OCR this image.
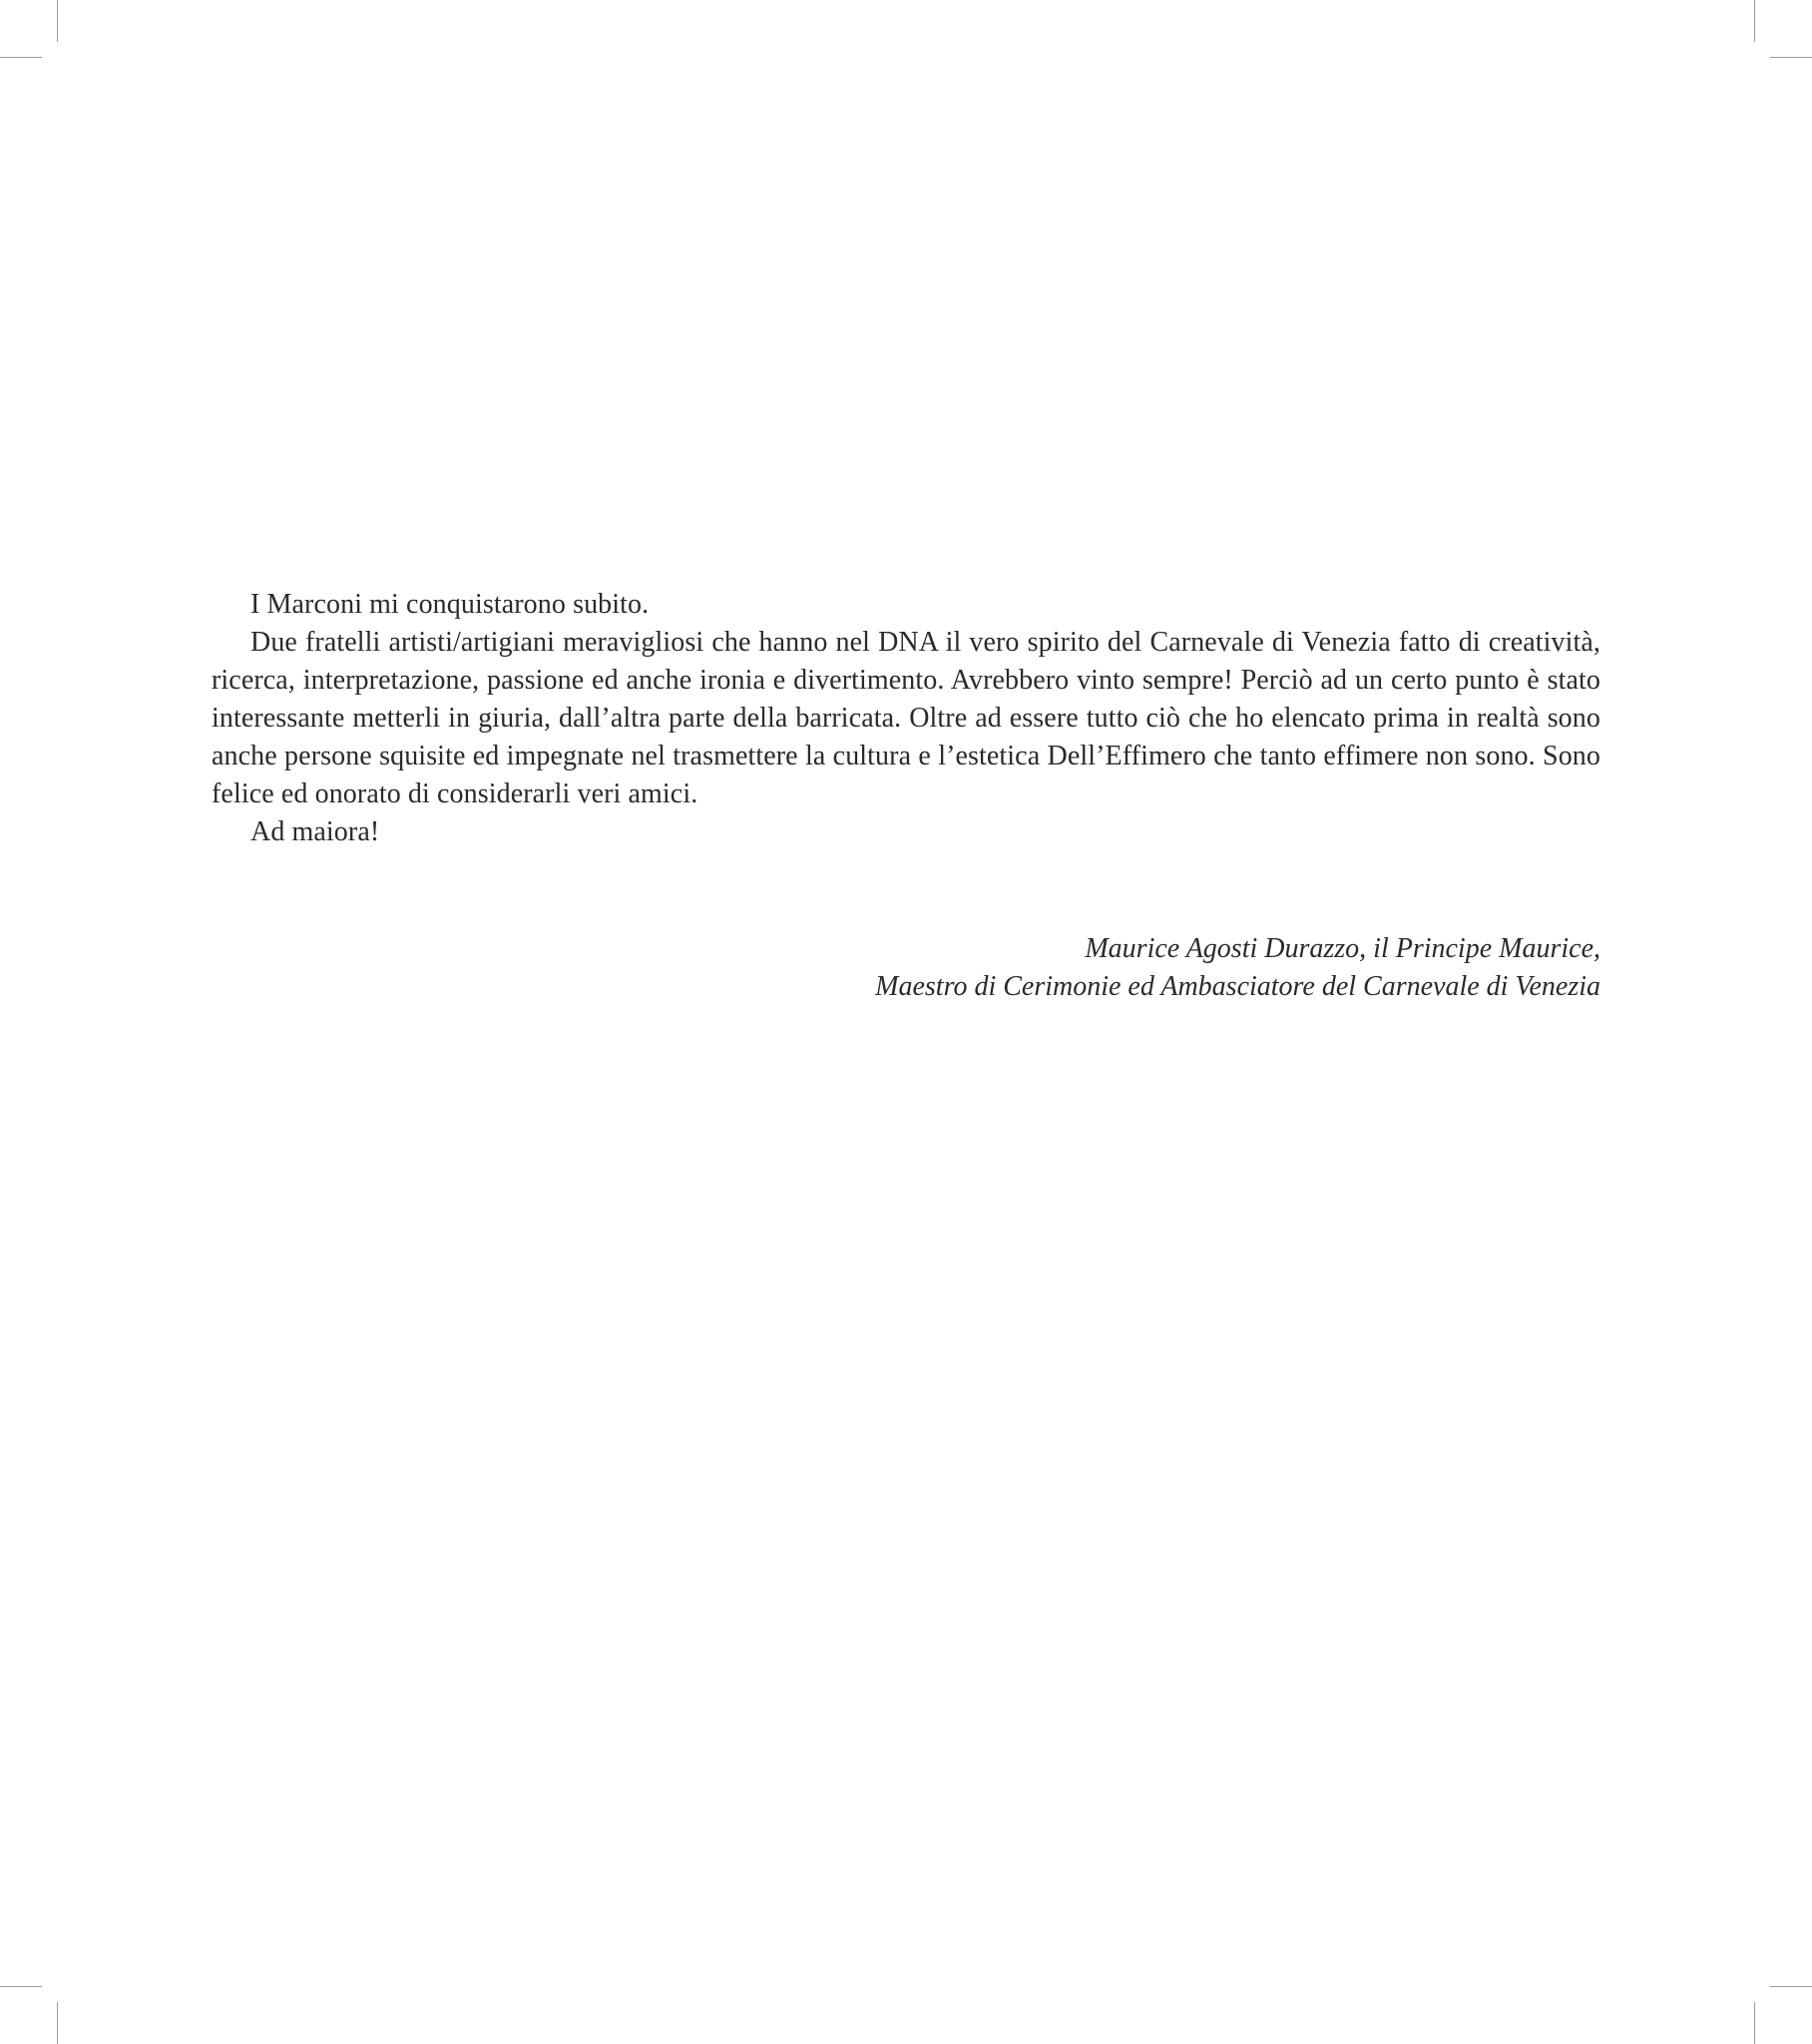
I Marconi mi conquistarono subito.

Due fratelli artisti/artigiani meravigliosi che hanno nel DNA il vero spirito del Carnevale di Venezia fatto di creatività, ricerca, interpretazione, passione ed anche ironia e divertimento. Avrebbero vinto sempre! Perciò ad un certo punto è stato interessante metterli in giuria, dall’altra parte della barricata. Oltre ad essere tutto ciò che ho elencato prima in realtà sono anche persone squisite ed impegnate nel trasmettere la cultura e l’estetica Dell’Effimero che tanto effimere non sono. Sono felice ed onorato di considerarli veri amici.

Ad maiora!

Maurice Agosti Durazzo, il Principe Maurice,
Maestro di Cerimonie ed Ambasciatore del Carnevale di Venezia
